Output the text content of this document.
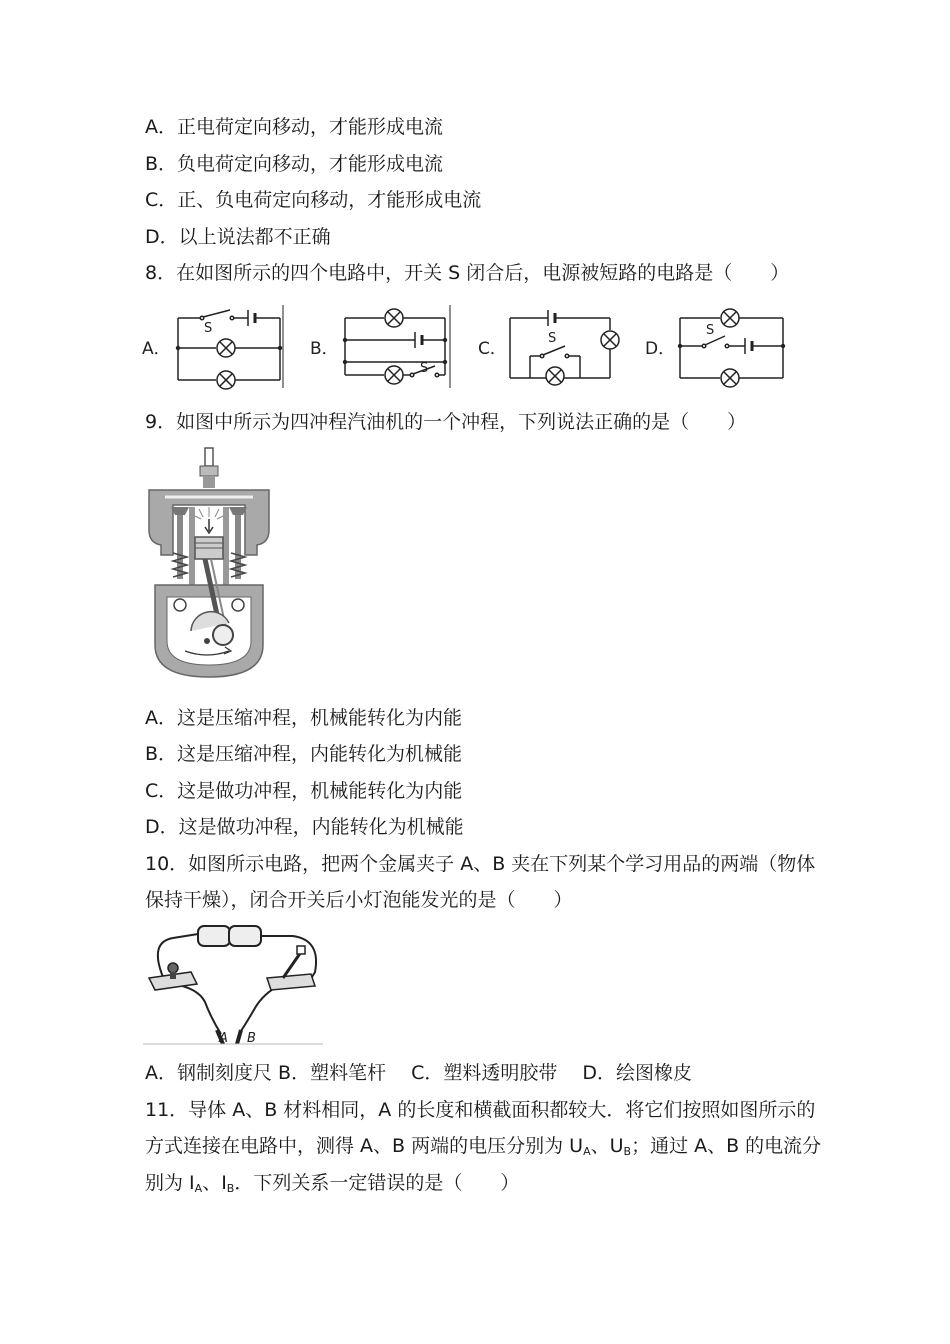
A．正电荷定向移动，才能形成电流
B．负电荷定向移动，才能形成电流
C．正、负电荷定向移动，才能形成电流
D．以上说法都不正确
8．在如图所示的四个电路中，开关 S 闭合后，电源被短路的电路是（　　）
A．	B．	C．	D．
S
S
S
S
9．如图中所示为四冲程汽油机的一个冲程，下列说法正确的是（　　）
A．这是压缩冲程，机械能转化为内能
B．这是压缩冲程，内能转化为机械能
C．这是做功冲程，机械能转化为内能
D．这是做功冲程，内能转化为机械能
10．如图所示电路，把两个金属夹子 A、B 夹在下列某个学习用品的两端（物体
保持干燥），闭合开关后小灯泡能发光的是（　　）
A B
A．钢制刻度尺 B．塑料笔杆　 C．塑料透明胶带　 D．绘图橡皮
11．导体 A、B 材料相同，A 的长度和横截面积都较大．将它们按照如图所示的
方式连接在电路中，测得 A、B 两端的电压分别为 $U_A$、$U_B$；通过 A、B 的电流分
别为 $I_A$、$I_B$．下列关系一定错误的是（　　）
